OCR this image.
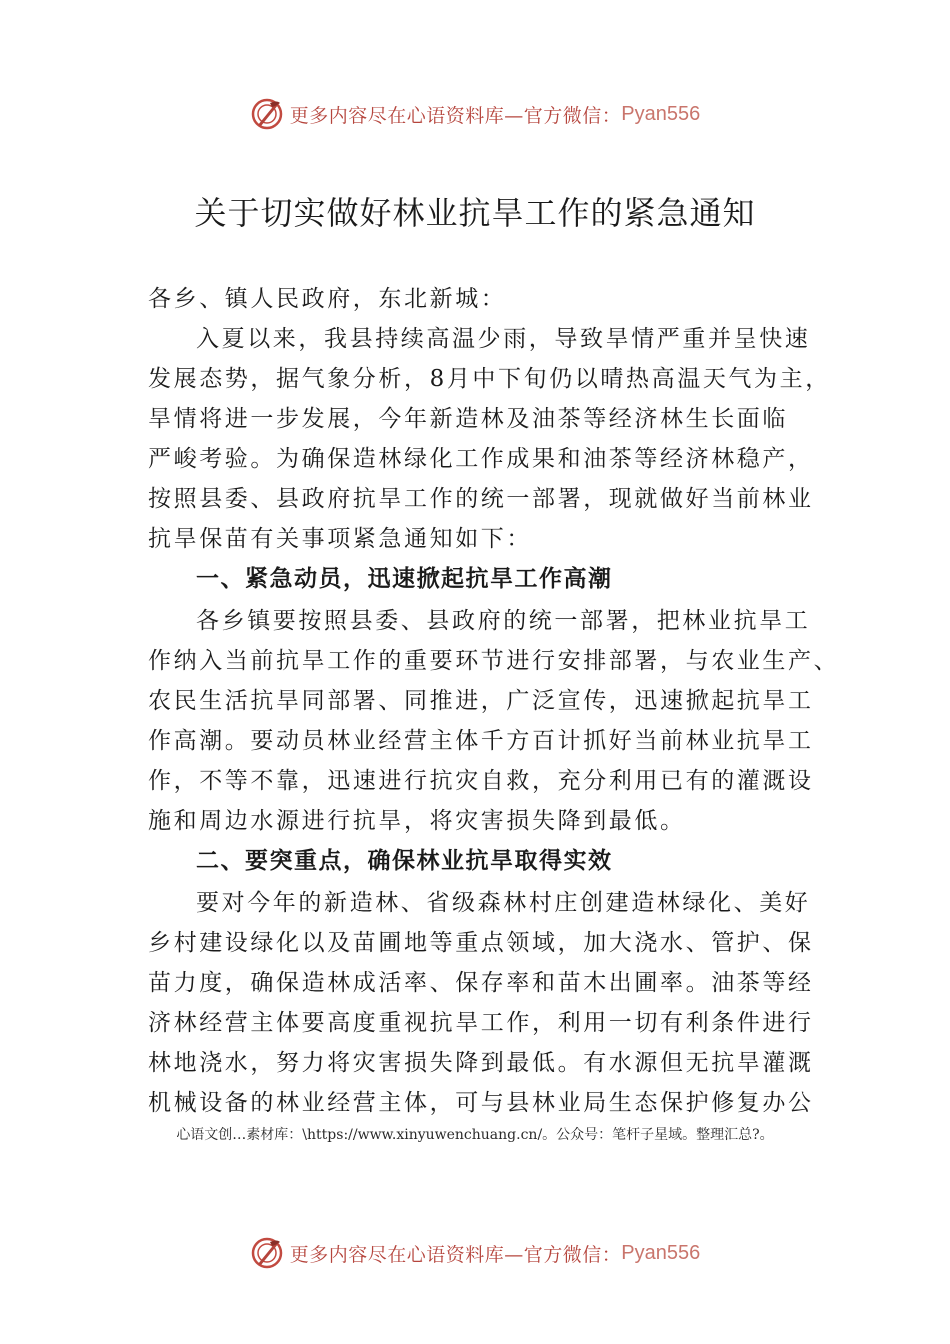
更多内容尽在心语资料库—官方微信： Pyan556
关于切实做好林业抗旱工作的紧急通知
各乡、镇人民政府，东北新城：
入夏以来，我县持续高温少雨，导致旱情严重并呈快速
发展态势，据气象分析，8月中下旬仍以晴热高温天气为主，
旱情将进一步发展，今年新造林及油茶等经济林生长面临
严峻考验。为确保造林绿化工作成果和油茶等经济林稳产，
按照县委、县政府抗旱工作的统一部署，现就做好当前林业
抗旱保苗有关事项紧急通知如下：
一、紧急动员，迅速掀起抗旱工作高潮
各乡镇要按照县委、县政府的统一部署，把林业抗旱工
作纳入当前抗旱工作的重要环节进行安排部署，与农业生产、
农民生活抗旱同部署、同推进，广泛宣传，迅速掀起抗旱工
作高潮。要动员林业经营主体千方百计抓好当前林业抗旱工
作，不等不靠，迅速进行抗灾自救，充分利用已有的灌溉设
施和周边水源进行抗旱，将灾害损失降到最低。
二、要突重点，确保林业抗旱取得实效
要对今年的新造林、省级森林村庄创建造林绿化、美好
乡村建设绿化以及苗圃地等重点领域，加大浇水、管护、保
苗力度，确保造林成活率、保存率和苗木出圃率。油茶等经
济林经营主体要高度重视抗旱工作，利用一切有利条件进行
林地浇水，努力将灾害损失降到最低。有水源但无抗旱灌溉
机械设备的林业经营主体，可与县林业局生态保护修复办公
心语文创…素材库：\https://www.xinyuwenchuang.cn/。公众号：笔杆子星域。整理汇总?。
更多内容尽在心语资料库—官方微信： Pyan556
